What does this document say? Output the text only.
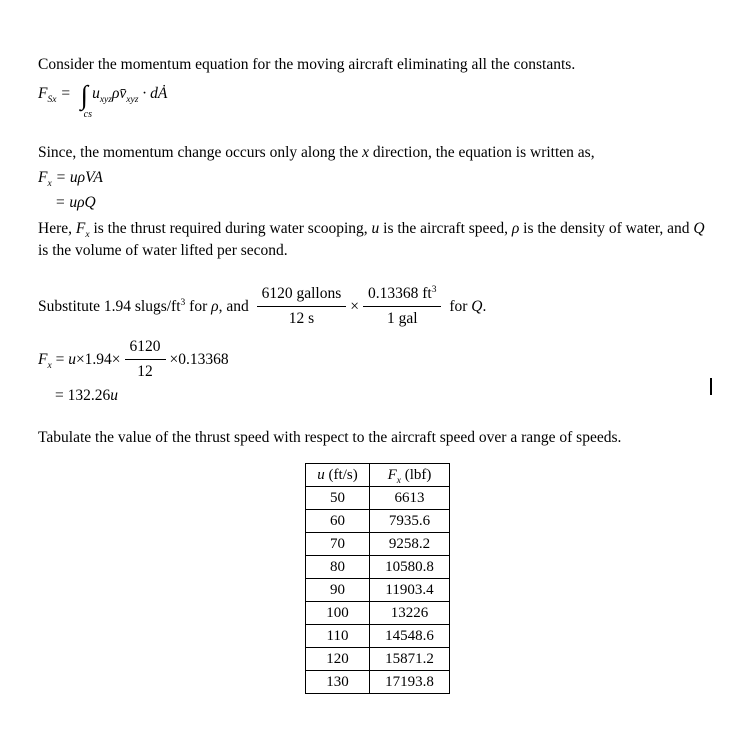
Consider the momentum equation for the moving aircraft eliminating all the constants.

$F_{Sx}$ = ∫
cs
$u_{xyz}\rho v̄_{xyz}$ · dȦ

Since, the momentum change occurs only along the x direction, the equation is written as,

$F_x = u\rho VA$

= uρQ

Here, $F_x$ is the thrust required during water scooping, u is the aircraft speed, ρ is the density of water, and Q is the volume of water lifted per second.

Substitute 1.94 slugs/$ft^3$ for ρ, and $\frac{\text{6120 gallons}}{12 s} \times \frac{0.13368 ft^3}{\text{1 gal}}$ for Q.
$F_x = u\times 1.94\times \frac{6120}{12} \times 0.13368$

= 132.26u

Tabulate the value of the thrust speed with respect to the aircraft speed over a range of speeds.

u (ft/s)	$F_x$ (lbf)
50	6613
60	7935.6
70	9258.2
80	10580.8
90	11903.4
100	13226
110	14548.6
120	15871.2
130	17193.8
